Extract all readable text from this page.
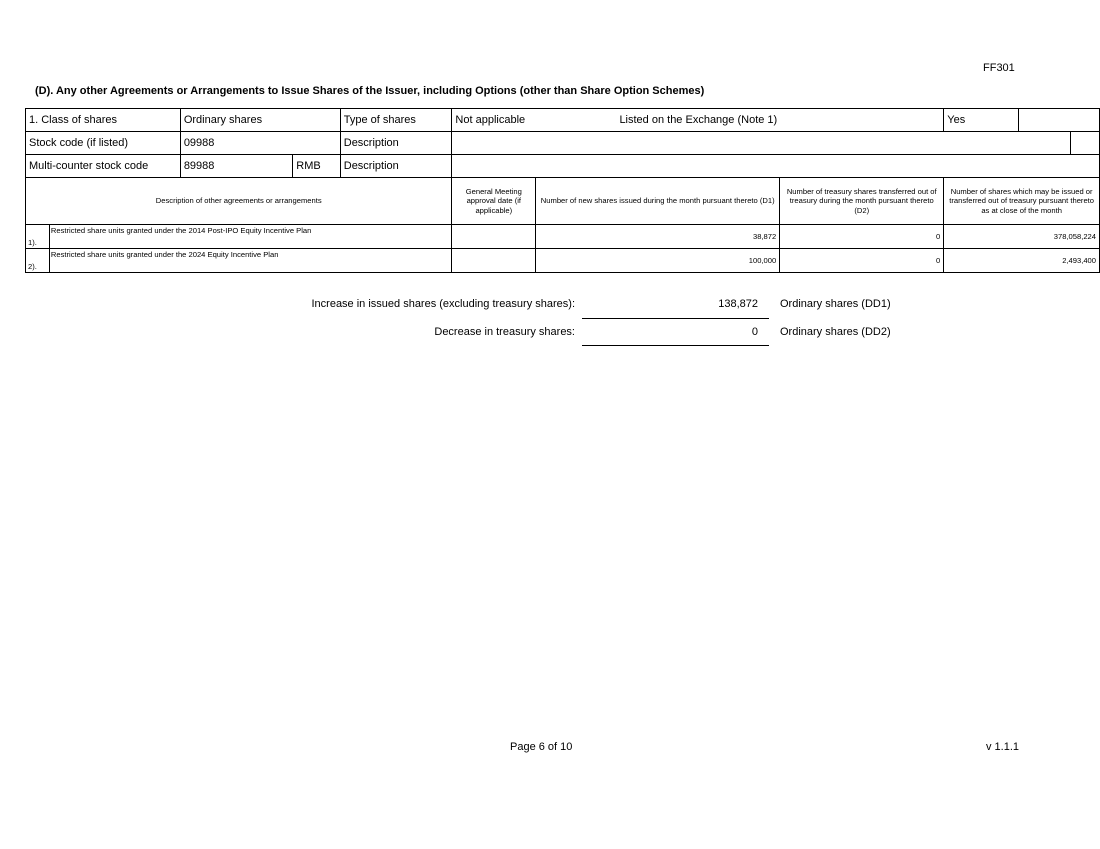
FF301
(D). Any other Agreements or Arrangements to Issue Shares of the Issuer, including Options (other than Share Option Schemes)
1. Class of shares		Ordinary shares		Type of shares	Not applicable		Listed on the Exchange (Note 1)		Yes		
Stock code (if listed)		09988		Description							
Multi-counter stock code		89988	RMB	Description							
Description of other agreements or arrangements					General Meeting approval date (if applicable)	Number of new shares issued during the month pursuant thereto (D1)		Number of treasury shares transferred out of treasury during the month pursuant thereto (D2)	Number of shares which may be issued or transferred out of treasury pursuant thereto as at close of the month		
1).	Restricted share units granted under the 2014 Post-IPO Equity Incentive Plan					38,872		0	378,058,224		
2).	Restricted share units granted under the 2024 Equity Incentive Plan					100,000		0	2,493,400		
Increase in issued shares (excluding treasury shares):	138,872 Ordinary shares (DD1)
Decrease in treasury shares:	0 Ordinary shares (DD2)
Page 6 of 10	v 1.1.1
